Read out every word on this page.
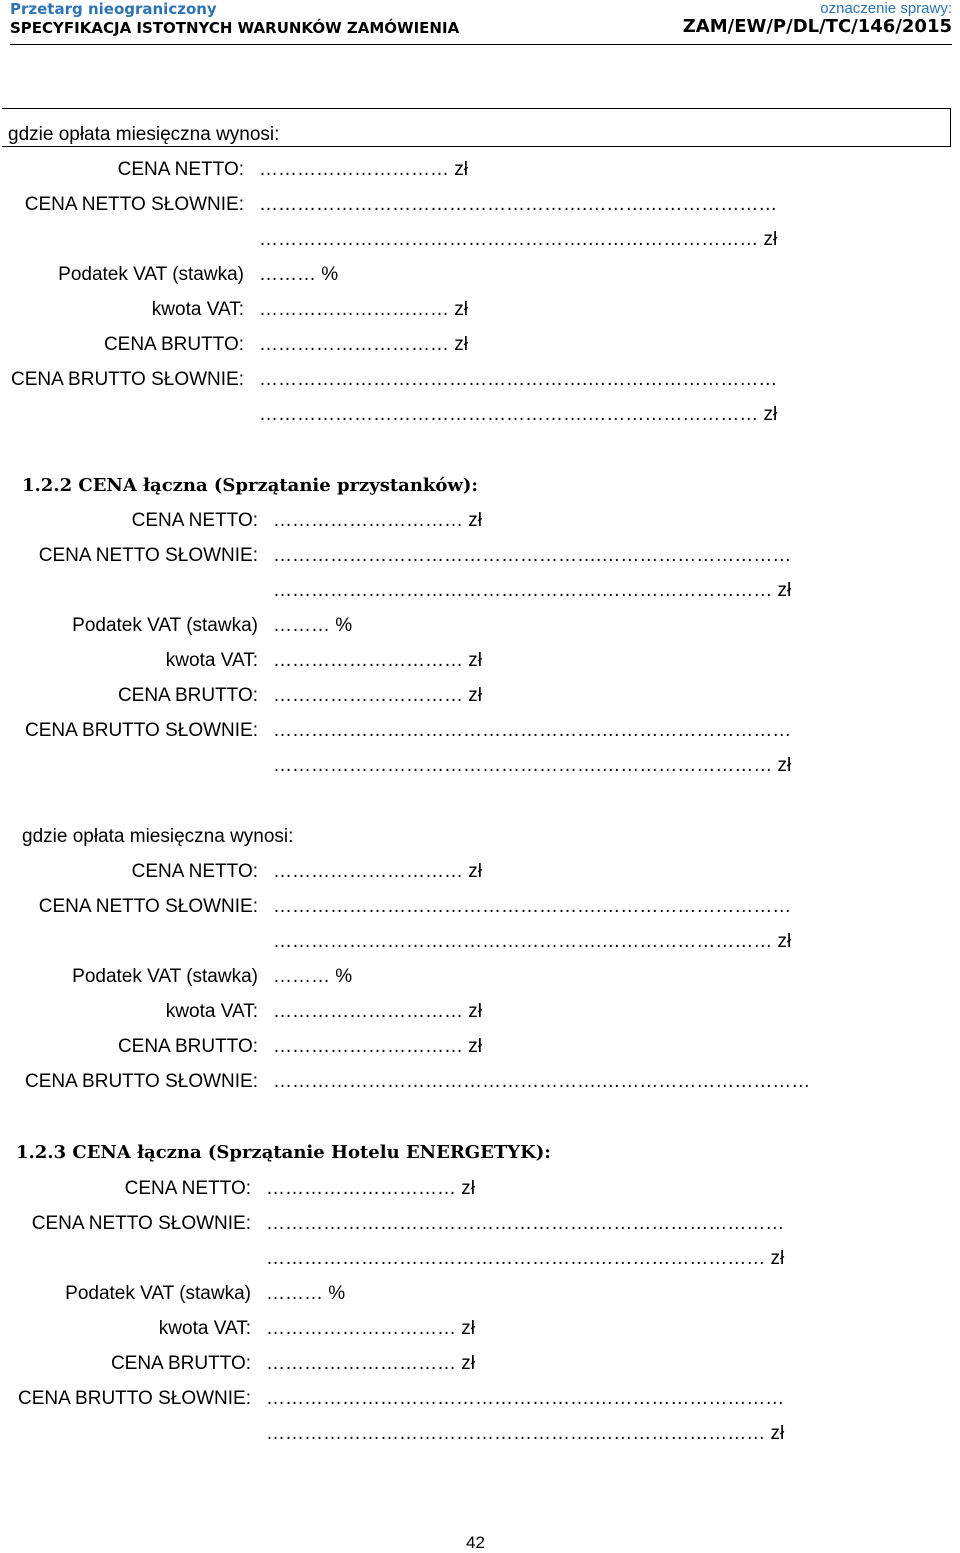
Przetarg nieograniczony
SPECYFIKACJA ISTOTNYCH WARUNKÓW ZAMÓWIENIA
oznaczenie sprawy:
ZAM/EW/P/DL/TC/146/2015
gdzie opłata miesięczna wynosi:
CENA NETTO: ………………………… zł
CENA NETTO SŁOWNIE: …………………………………………….…………………………
…………………………………………….……………………… zł
Podatek VAT (stawka) ……… %
kwota VAT: ………………………… zł
CENA BRUTTO: ………………………… zł
CENA BRUTTO SŁOWNIE: …………………………………………….…………………………
…………………………………………….……………………… zł
1.2.2 CENA łączna (Sprzątanie przystanków):
CENA NETTO: ………………………… zł
CENA NETTO SŁOWNIE: …………………………………………….…………………………
…………………………………………….……………………… zł
Podatek VAT (stawka) ……… %
kwota VAT: ………………………… zł
CENA BRUTTO: ………………………… zł
CENA BRUTTO SŁOWNIE: …………………………………………….…………………………
…………………………………………….……………………… zł
gdzie opłata miesięczna wynosi:
CENA NETTO: ………………………… zł
CENA NETTO SŁOWNIE: …………………………………………….…………………………
…………………………………………….……………………… zł
Podatek VAT (stawka) ……… %
kwota VAT: ………………………… zł
CENA BRUTTO: ………………………… zł
CENA BRUTTO SŁOWNIE: …………………………………………….……………………………
1.2.3 CENA łączna (Sprzątanie Hotelu ENERGETYK):
CENA NETTO: ………………………… zł
CENA NETTO SŁOWNIE: …………………………………………….…………………………
…………………………………………….……………………… zł
Podatek VAT (stawka) ……… %
kwota VAT: ………………………… zł
CENA BRUTTO: ………………………… zł
CENA BRUTTO SŁOWNIE: …………………………………………….…………………………
…………………………………………….……………………… zł
42
